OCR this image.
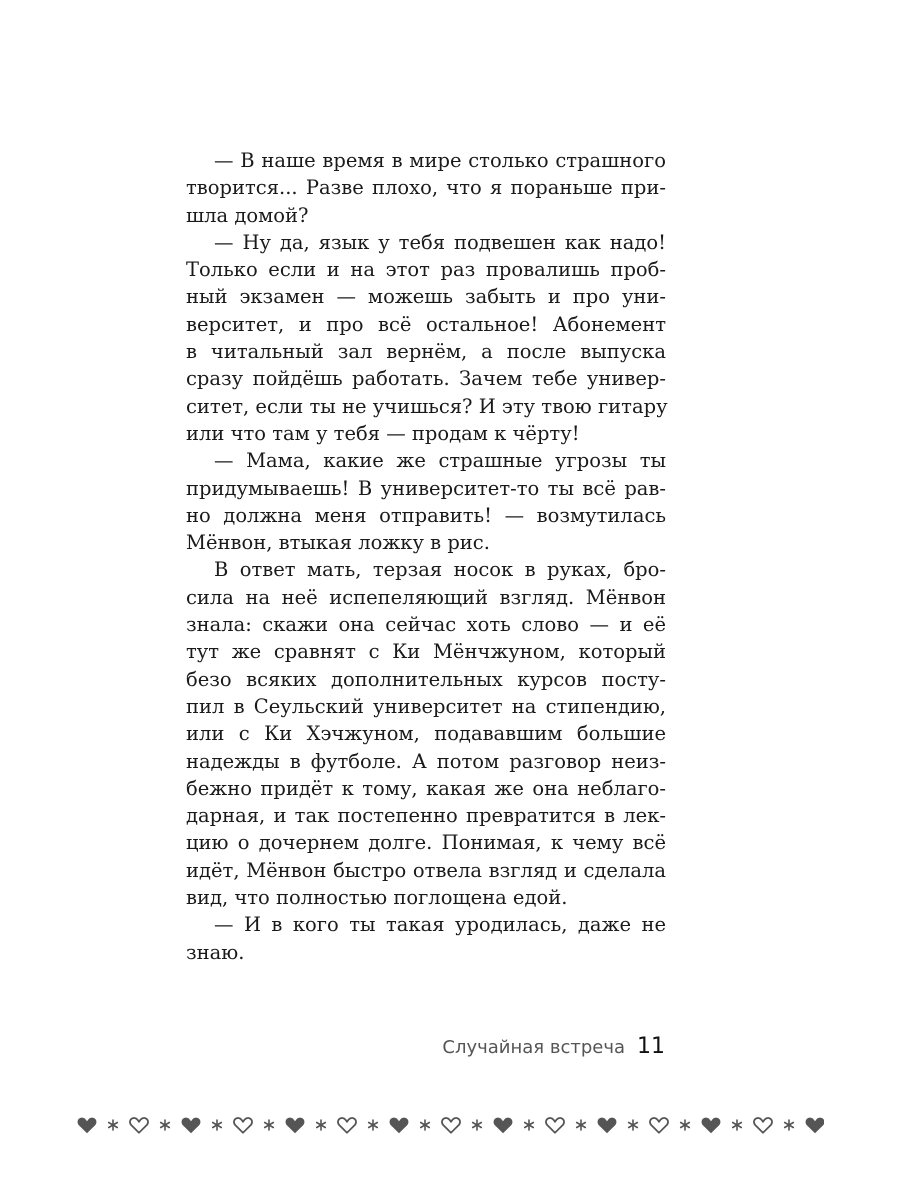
— В наше время в мире столько страшного
творится... Разве плохо, что я пораньше при-
шла домой?
— Ну да, язык у тебя подвешен как надо!
Только если и на этот раз провалишь проб-
ный экзамен — можешь забыть и про уни-
верситет, и про всё остальное! Абонемент
в читальный зал вернём, а после выпуска
сразу пойдёшь работать. Зачем тебе универ-
ситет, если ты не учишься? И эту твою гитару
или что там у тебя — продам к чёрту!
— Мама, какие же страшные угрозы ты
придумываешь! В университет-то ты всё рав-
но должна меня отправить! — возмутилась
Мёнвон, втыкая ложку в рис.
В ответ мать, терзая носок в руках, бро-
сила на неё испепеляющий взгляд. Мёнвон
знала: скажи она сейчас хоть слово — и её
тут же сравнят с Ки Мёнчжуном, который
безо всяких дополнительных курсов посту-
пил в Сеульский университет на стипендию,
или с Ки Хэчжуном, подававшим большие
надежды в футболе. А потом разговор неиз-
бежно придёт к тому, какая же она неблаго-
дарная, и так постепенно превратится в лек-
цию о дочернем долге. Понимая, к чему всё
идёт, Мёнвон быстро отвела взгляд и сделала
вид, что полностью поглощена едой.
— И в кого ты такая уродилась, даже не
знаю.
Случайная встреча 11
